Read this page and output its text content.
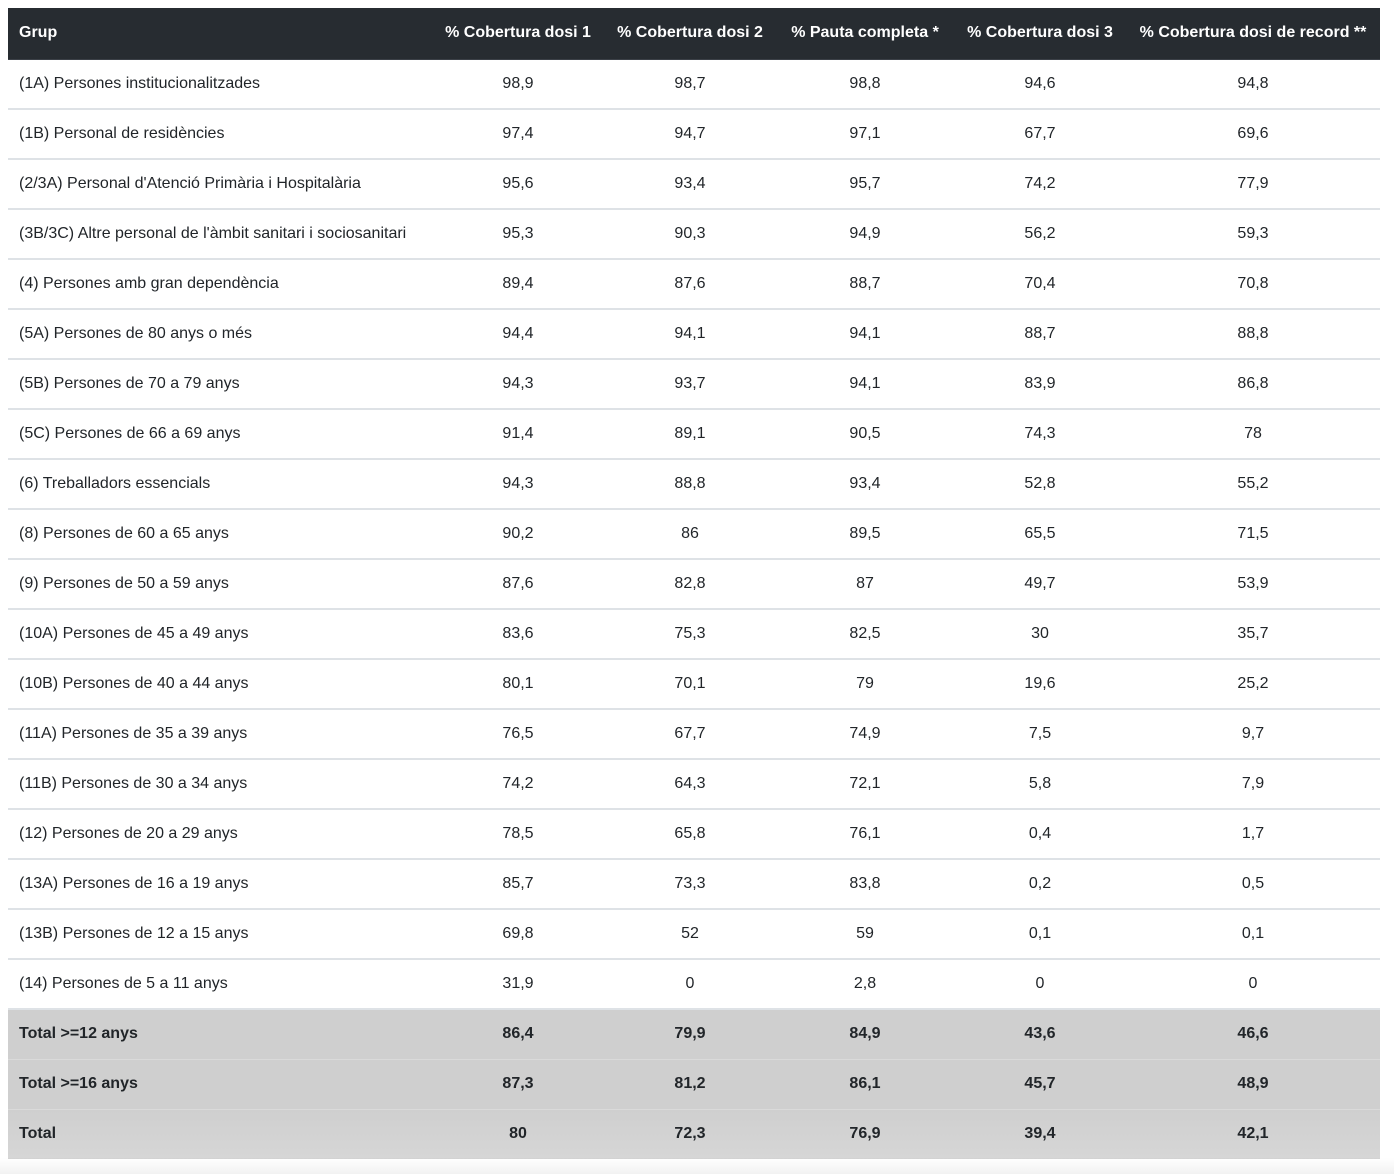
Grup	% Cobertura dosi 1	% Cobertura dosi 2	% Pauta completa *	% Cobertura dosi 3	% Cobertura dosi de record **
(1A) Persones institucionalitzades	98,9	98,7	98,8	94,6	94,8
(1B) Personal de residències	97,4	94,7	97,1	67,7	69,6
(2/3A) Personal d'Atenció Primària i Hospitalària	95,6	93,4	95,7	74,2	77,9
(3B/3C) Altre personal de l'àmbit sanitari i sociosanitari	95,3	90,3	94,9	56,2	59,3
(4) Persones amb gran dependència	89,4	87,6	88,7	70,4	70,8
(5A) Persones de 80 anys o més	94,4	94,1	94,1	88,7	88,8
(5B) Persones de 70 a 79 anys	94,3	93,7	94,1	83,9	86,8
(5C) Persones de 66 a 69 anys	91,4	89,1	90,5	74,3	78
(6) Treballadors essencials	94,3	88,8	93,4	52,8	55,2
(8) Persones de 60 a 65 anys	90,2	86	89,5	65,5	71,5
(9) Persones de 50 a 59 anys	87,6	82,8	87	49,7	53,9
(10A) Persones de 45 a 49 anys	83,6	75,3	82,5	30	35,7
(10B) Persones de 40 a 44 anys	80,1	70,1	79	19,6	25,2
(11A) Persones de 35 a 39 anys	76,5	67,7	74,9	7,5	9,7
(11B) Persones de 30 a 34 anys	74,2	64,3	72,1	5,8	7,9
(12) Persones de 20 a 29 anys	78,5	65,8	76,1	0,4	1,7
(13A) Persones de 16 a 19 anys	85,7	73,3	83,8	0,2	0,5
(13B) Persones de 12 a 15 anys	69,8	52	59	0,1	0,1
(14) Persones de 5 a 11 anys	31,9	0	2,8	0	0
Total >=12 anys	86,4	79,9	84,9	43,6	46,6
Total >=16 anys	87,3	81,2	86,1	45,7	48,9
Total	80	72,3	76,9	39,4	42,1
